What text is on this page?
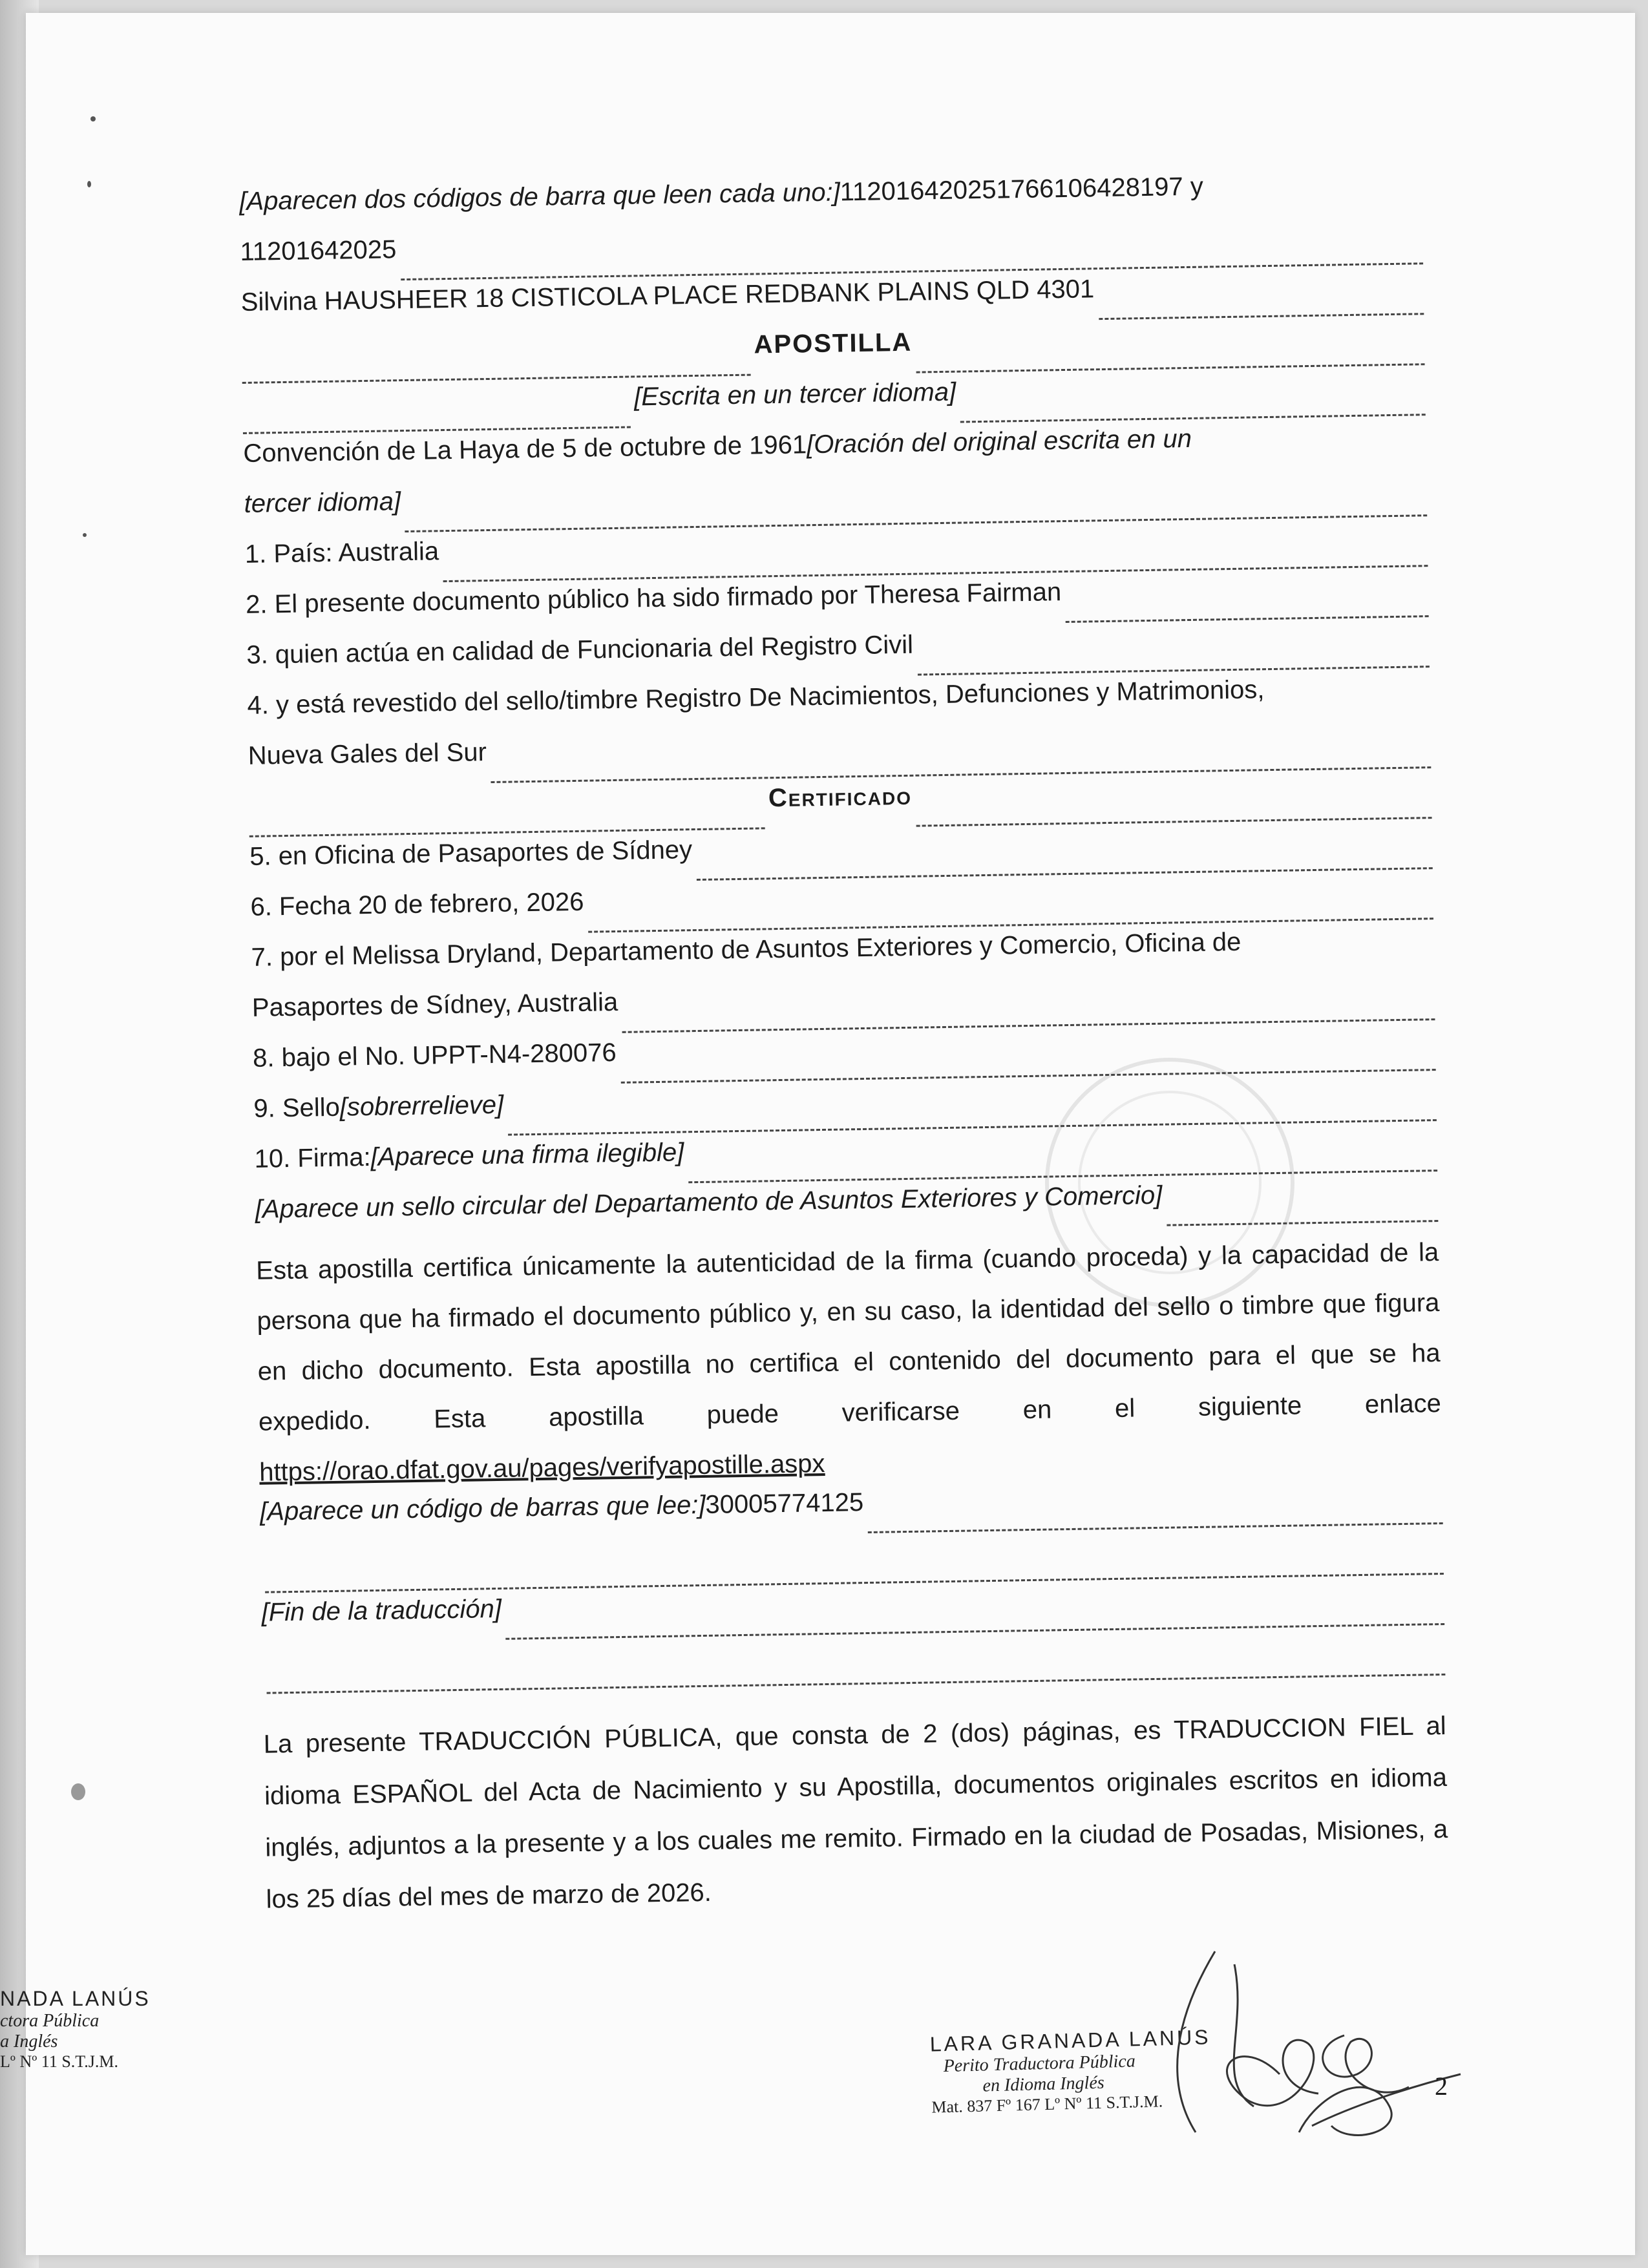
[Aparecen dos códigos de barra que leen cada uno:] 112016420251766106428197 y
11201642025
Silvina HAUSHEER 18 CISTICOLA PLACE REDBANK PLAINS QLD 4301
APOSTILLA
[Escrita en un tercer idioma]
Convención de La Haya de 5 de octubre de 1961 [Oración del original escrita en un
tercer idioma]
1. País: Australia
2. El presente documento público ha sido firmado por Theresa Fairman
3. quien actúa en calidad de Funcionaria del Registro Civil
4. y está revestido del sello/timbre Registro De Nacimientos, Defunciones y Matrimonios,
Nueva Gales del Sur
Certificado
5. en Oficina de Pasaportes de Sídney
6. Fecha 20 de febrero, 2026
7. por el Melissa Dryland, Departamento de Asuntos Exteriores y Comercio, Oficina de
Pasaportes de Sídney, Australia
8. bajo el No. UPPT-N4-280076
9. Sello [sobrerrelieve]
10. Firma: [Aparece una firma ilegible]
[Aparece un sello circular del Departamento de Asuntos Exteriores y Comercio]

Esta apostilla certifica únicamente la autenticidad de la firma (cuando proceda) y la capacidad de la persona que ha firmado el documento público y, en su caso, la identidad del sello o timbre que figura en dicho documento. Esta apostilla no certifica el contenido del documento para el que se ha expedido. Esta apostilla puede verificarse en el siguiente enlace https://orao.dfat.gov.au/pages/verifyapostille.aspx

[Aparece un código de barras que lee:] 30005774125
[Fin de la traducción]

La presente TRADUCCIÓN PÚBLICA, que consta de 2 (dos) páginas, es TRADUCCION FIEL al idioma ESPAÑOL del Acta de Nacimiento y su Apostilla, documentos originales escritos en idioma inglés, adjuntos a la presente y a los cuales me remito. Firmado en la ciudad de Posadas, Misiones, a los 25 días del mes de marzo de 2026.

NADA LANÚS
ctora Pública
a Inglés
Lº Nº 11 S.T.J.M.
LARA GRANADA LANÚS
Perito Traductora Pública
en Idioma Inglés
Mat. 837 Fº 167 Lº Nº 11 S.T.J.M.
2
